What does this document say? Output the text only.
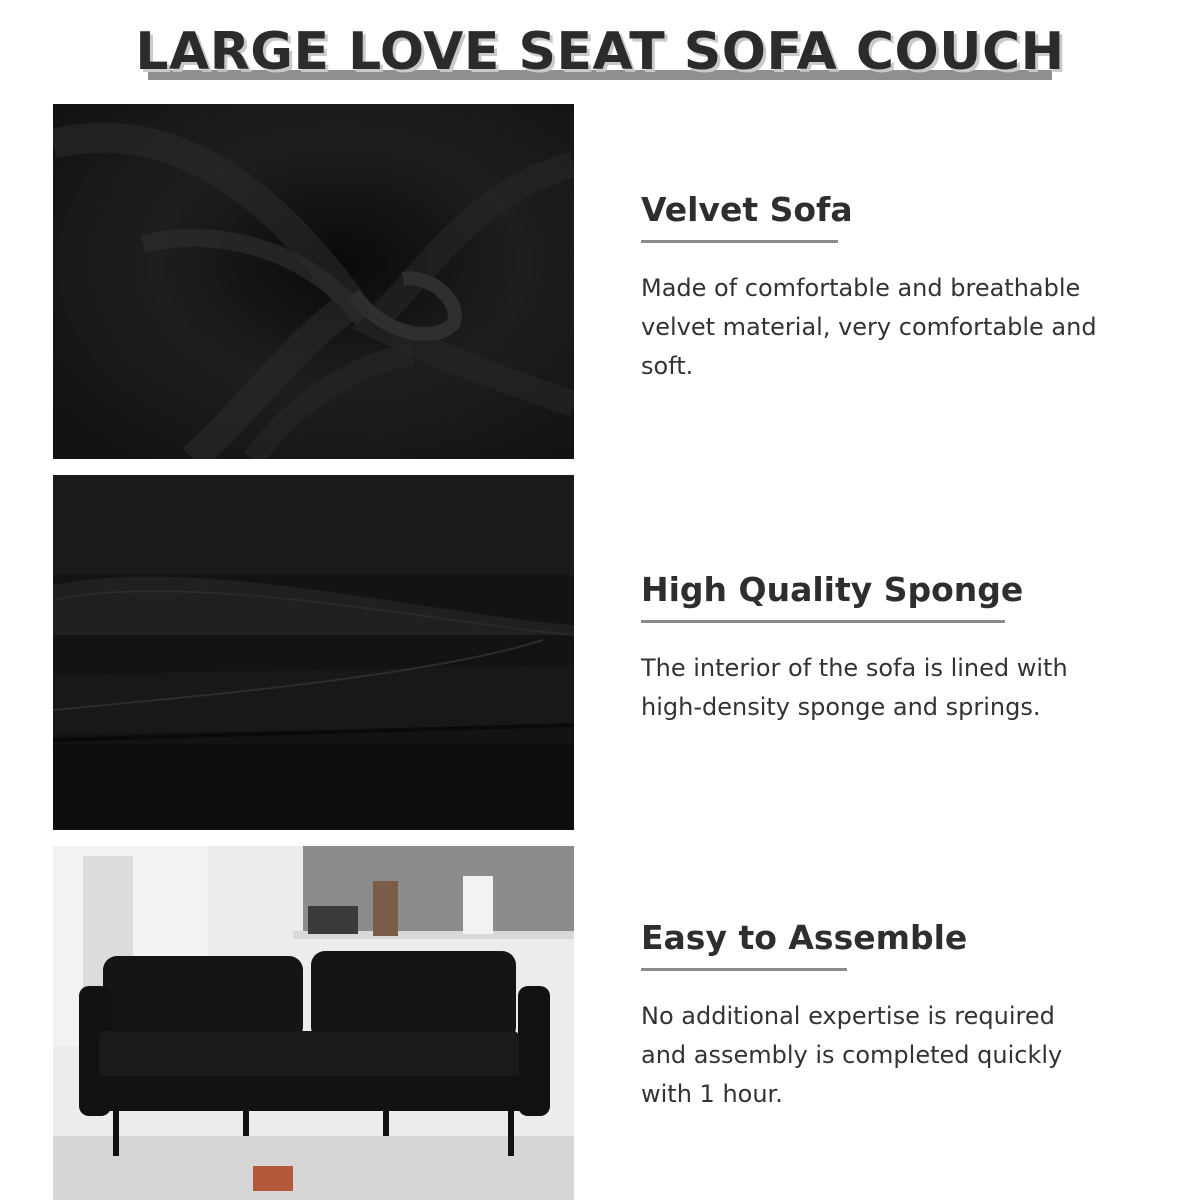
LARGE LOVE SEAT SOFA COUCH
Velvet Sofa

Made of comfortable and breathable velvet material, very comfortable and soft.

High Quality Sponge

The interior of the sofa is lined with high-density sponge and springs.

Easy to Assemble

No additional expertise is required and assembly is completed quickly with 1 hour.
